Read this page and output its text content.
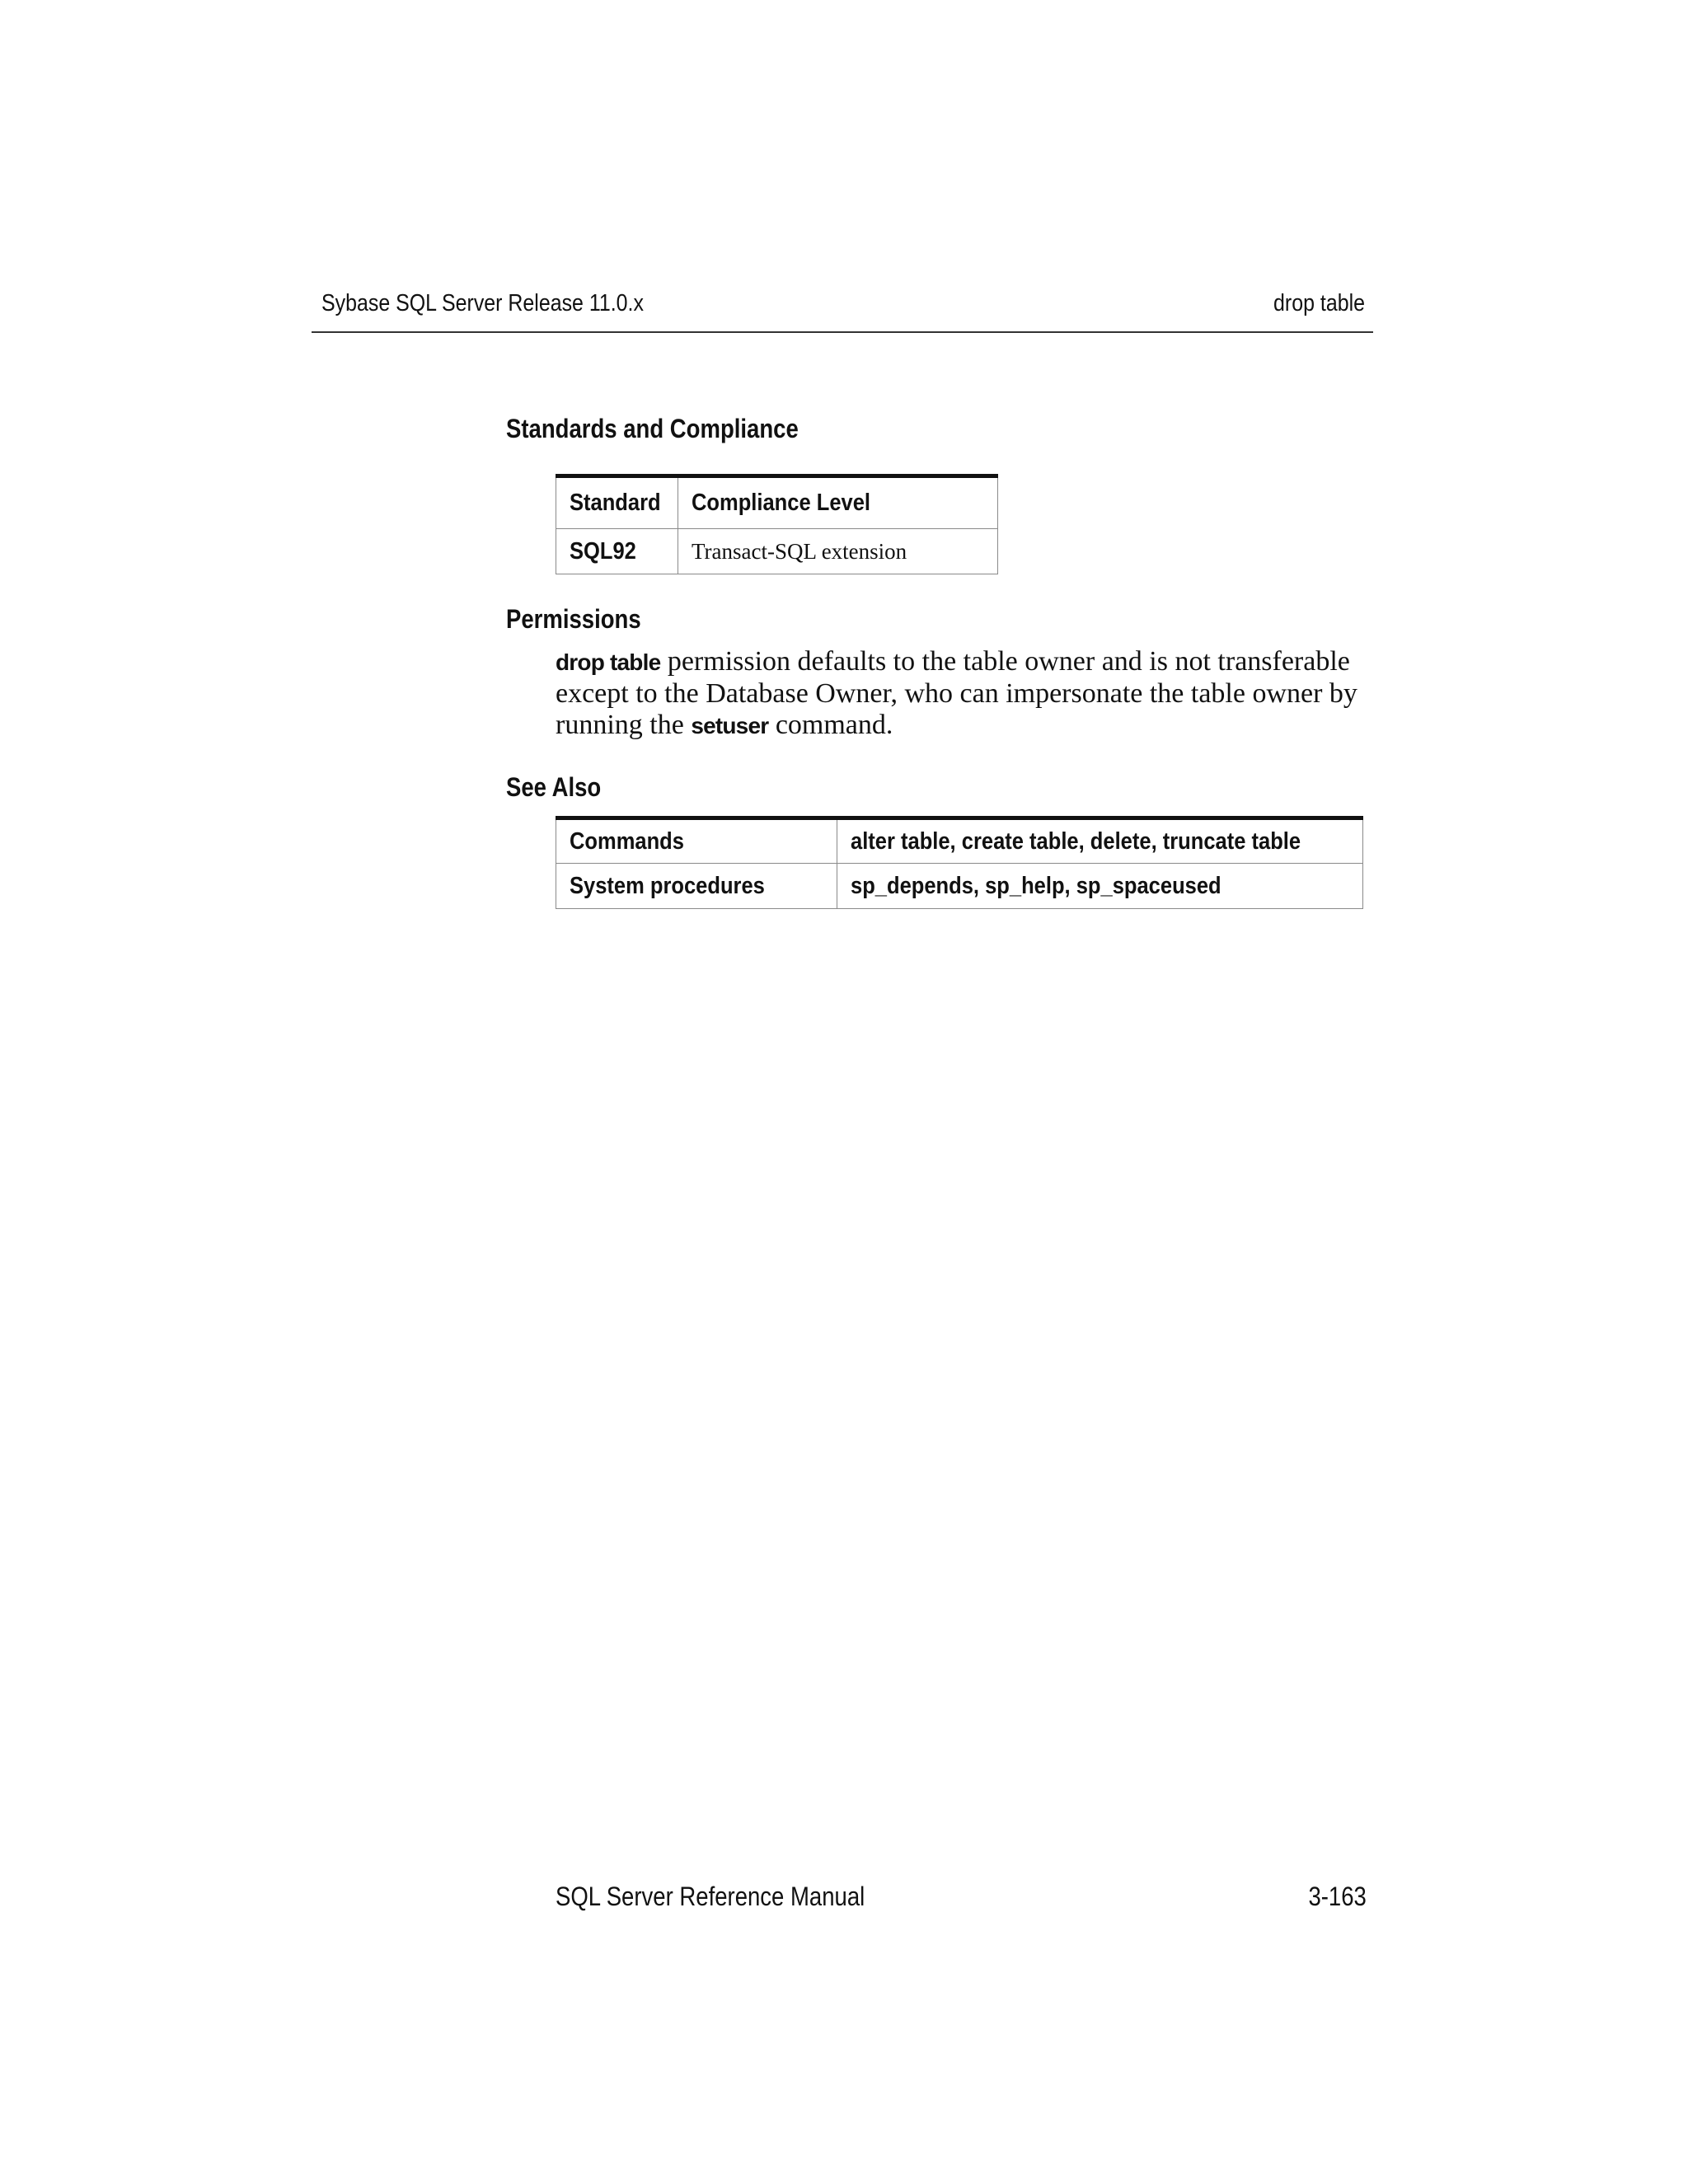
Sybase SQL Server Release 11.0.x	drop table
Standards and Compliance
Standard	Compliance Level
SQL92	Transact-SQL extension
Permissions
drop table permission defaults to the table owner and is not transferable except to the Database Owner, who can impersonate the table owner by running the setuser command.
See Also
Commands	alter table, create table, delete, truncate table
System procedures	sp_depends, sp_help, sp_spaceused
SQL Server Reference Manual	3-163
